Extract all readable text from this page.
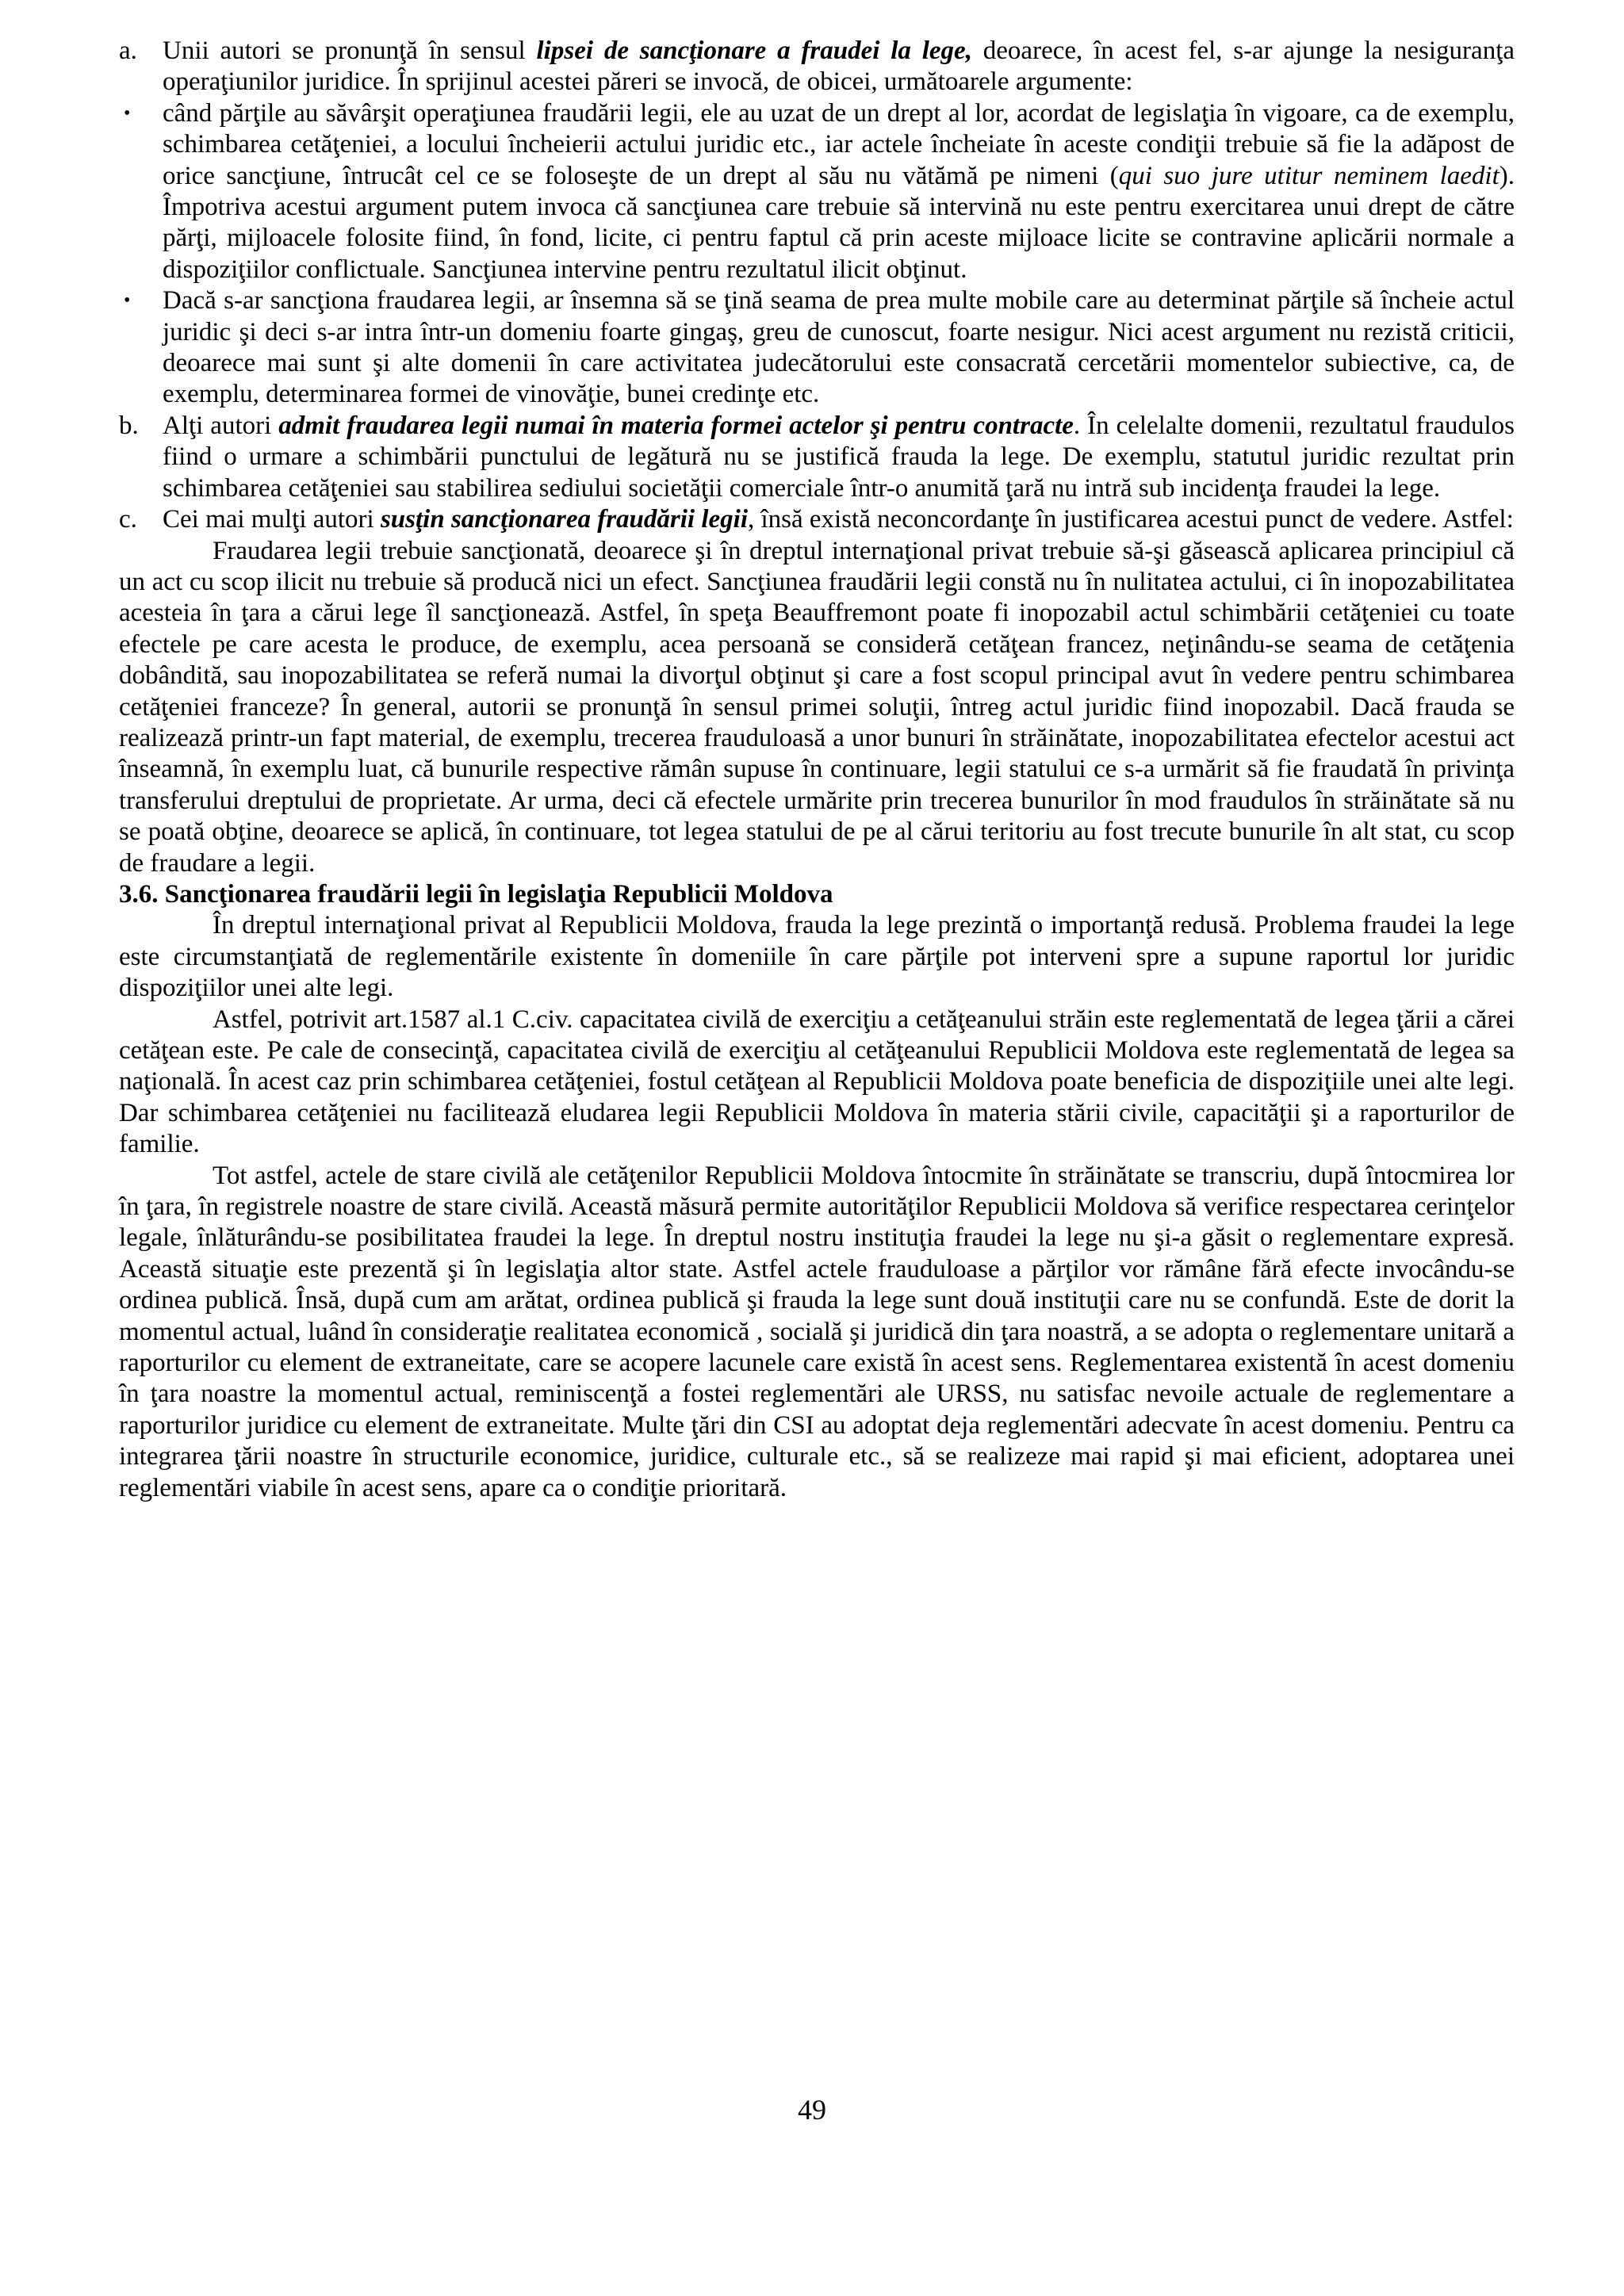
a. Unii autori se pronunţă în sensul lipsei de sancţionare a fraudei la lege, deoarece, în acest fel, s-ar ajunge la nesiguranţa operaţiunilor juridice. În sprijinul acestei păreri se invocă, de obicei, următoarele argumente:
• când părţile au săvârşit operaţiunea fraudării legii, ele au uzat de un drept al lor, acordat de legislaţia în vigoare, ca de exemplu, schimbarea cetăţeniei, a locului încheierii actului juridic etc., iar actele încheiate în aceste condiţii trebuie să fie la adăpost de orice sancţiune, întrucât cel ce se foloseşte de un drept al său nu vătămă pe nimeni (qui suo jure utitur neminem laedit). Împotriva acestui argument putem invoca că sancţiunea care trebuie să intervină nu este pentru exercitarea unui drept de către părţi, mijloacele folosite fiind, în fond, licite, ci pentru faptul că prin aceste mijloace licite se contravine aplicării normale a dispoziţiilor conflictuale. Sancţiunea intervine pentru rezultatul ilicit obţinut.
• Dacă s-ar sancţiona fraudarea legii, ar însemna să se ţină seama de prea multe mobile care au determinat părţile să încheie actul juridic şi deci s-ar intra într-un domeniu foarte gingaş, greu de cunoscut, foarte nesigur. Nici acest argument nu rezistă criticii, deoarece mai sunt şi alte domenii în care activitatea judecătorului este consacrată cercetării momentelor subiective, ca, de exemplu, determinarea formei de vinovăţie, bunei credinţe etc.
b. Alţi autori admit fraudarea legii numai în materia formei actelor şi pentru contracte. În celelalte domenii, rezultatul fraudulos fiind o urmare a schimbării punctului de legătură nu se justifică frauda la lege. De exemplu, statutul juridic rezultat prin schimbarea cetăţeniei sau stabilirea sediului societăţii comerciale într-o anumită ţară nu intră sub incidenţa fraudei la lege.
c. Cei mai mulţi autori susţin sancţionarea fraudării legii, însă există neconcordanţe în justificarea acestui punct de vedere. Astfel:

Fraudarea legii trebuie sancţionată, deoarece şi în dreptul internaţional privat trebuie să-şi găsească aplicarea principiul că un act cu scop ilicit nu trebuie să producă nici un efect. Sancţiunea fraudării legii constă nu în nulitatea actului, ci în inopozabilitatea acesteia în ţara a cărui lege îl sancţionează. Astfel, în speţa Beauffremont poate fi inopozabil actul schimbării cetăţeniei cu toate efectele pe care acesta le produce, de exemplu, acea persoană se consideră cetăţean francez, neţinându-se seama de cetăţenia dobândită, sau inopozabilitatea se referă numai la divorţul obţinut şi care a fost scopul principal avut în vedere pentru schimbarea cetăţeniei franceze? În general, autorii se pronunţă în sensul primei soluţii, întreg actul juridic fiind inopozabil. Dacă frauda se realizează printr-un fapt material, de exemplu, trecerea frauduloasă a unor bunuri în străinătate, inopozabilitatea efectelor acestui act înseamnă, în exemplu luat, că bunurile respective rămân supuse în continuare, legii statului ce s-a urmărit să fie fraudată în privinţa transferului dreptului de proprietate. Ar urma, deci că efectele urmărite prin trecerea bunurilor în mod fraudulos în străinătate să nu se poată obţine, deoarece se aplică, în continuare, tot legea statului de pe al cărui teritoriu au fost trecute bunurile în alt stat, cu scop de fraudare a legii.

3.6. Sancţionarea fraudării legii în legislaţia Republicii Moldova

În dreptul internaţional privat al Republicii Moldova, frauda la lege prezintă o importanţă redusă. Problema fraudei la lege este circumstanţiată de reglementările existente în domeniile în care părţile pot interveni spre a supune raportul lor juridic dispoziţiilor unei alte legi.

Astfel, potrivit art.1587 al.1 C.civ. capacitatea civilă de exerciţiu a cetăţeanului străin este reglementată de legea ţării a cărei cetăţean este. Pe cale de consecinţă, capacitatea civilă de exerciţiu al cetăţeanului Republicii Moldova este reglementată de legea sa naţională. În acest caz prin schimbarea cetăţeniei, fostul cetăţean al Republicii Moldova poate beneficia de dispoziţiile unei alte legi. Dar schimbarea cetăţeniei nu facilitează eludarea legii Republicii Moldova în materia stării civile, capacităţii şi a raporturilor de familie.

Tot astfel, actele de stare civilă ale cetăţenilor Republicii Moldova întocmite în străinătate se transcriu, după întocmirea lor în ţara, în registrele noastre de stare civilă. Această măsură permite autorităţilor Republicii Moldova să verifice respectarea cerinţelor legale, înlăturându-se posibilitatea fraudei la lege. În dreptul nostru instituţia fraudei la lege nu şi-a găsit o reglementare expresă. Această situaţie este prezentă şi în legislaţia altor state. Astfel actele frauduloase a părţilor vor rămâne fără efecte invocându-se ordinea publică. Însă, după cum am arătat, ordinea publică şi frauda la lege sunt două instituţii care nu se confundă. Este de dorit la momentul actual, luând în consideraţie realitatea economică , socială şi juridică din ţara noastră, a se adopta o reglementare unitară a raporturilor cu element de extraneitate, care se acopere lacunele care există în acest sens. Reglementarea existentă în acest domeniu în ţara noastre la momentul actual, reminiscenţă a fostei reglementări ale URSS, nu satisfac nevoile actuale de reglementare a raporturilor juridice cu element de extraneitate. Multe ţări din CSI au adoptat deja reglementări adecvate în acest domeniu. Pentru ca integrarea ţării noastre în structurile economice, juridice, culturale etc., să se realizeze mai rapid şi mai eficient, adoptarea unei reglementări viabile în acest sens, apare ca o condiţie prioritară.

49
